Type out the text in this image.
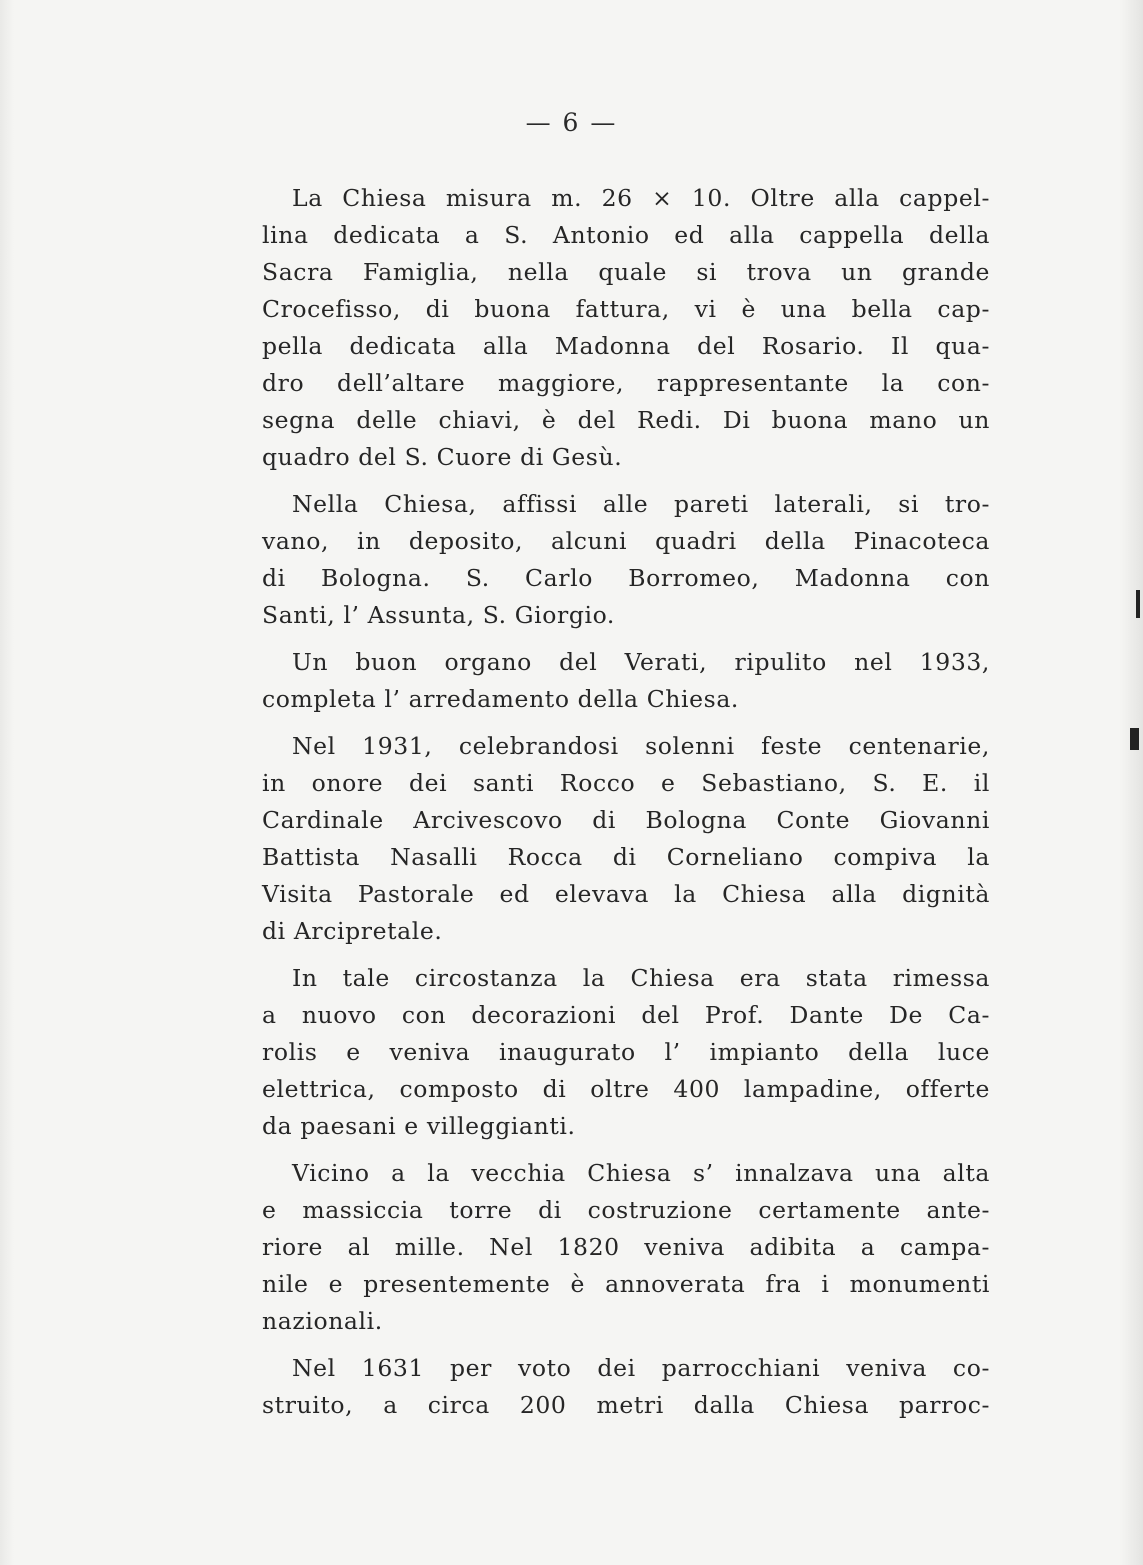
— 6 —
La Chiesa misura m. 26 × 10. Oltre alla cappel-
lina dedicata a S. Antonio ed alla cappella della
Sacra Famiglia, nella quale si trova un grande
Crocefisso, di buona fattura, vi è una bella cap-
pella dedicata alla Madonna del Rosario. Il qua-
dro dell’altare maggiore, rappresentante la con-
segna delle chiavi, è del Redi. Di buona mano un
quadro del S. Cuore di Gesù.
Nella Chiesa, affissi alle pareti laterali, si tro-
vano, in deposito, alcuni quadri della Pinacoteca
di Bologna. S. Carlo Borromeo, Madonna con
Santi, l’ Assunta, S. Giorgio.
Un buon organo del Verati, ripulito nel 1933,
completa l’ arredamento della Chiesa.
Nel 1931, celebrandosi solenni feste centenarie,
in onore dei santi Rocco e Sebastiano, S. E. il
Cardinale Arcivescovo di Bologna Conte Giovanni
Battista Nasalli Rocca di Corneliano compiva la
Visita Pastorale ed elevava la Chiesa alla dignità
di Arcipretale.
In tale circostanza la Chiesa era stata rimessa
a nuovo con decorazioni del Prof. Dante De Ca-
rolis e veniva inaugurato l’ impianto della luce
elettrica, composto di oltre 400 lampadine, offerte
da paesani e villeggianti.
Vicino a la vecchia Chiesa s’ innalzava una alta
e massiccia torre di costruzione certamente ante-
riore al mille. Nel 1820 veniva adibita a campa-
nile e presentemente è annoverata fra i monumenti
nazionali.
Nel 1631 per voto dei parrocchiani veniva co-
struito, a circa 200 metri dalla Chiesa parroc-
